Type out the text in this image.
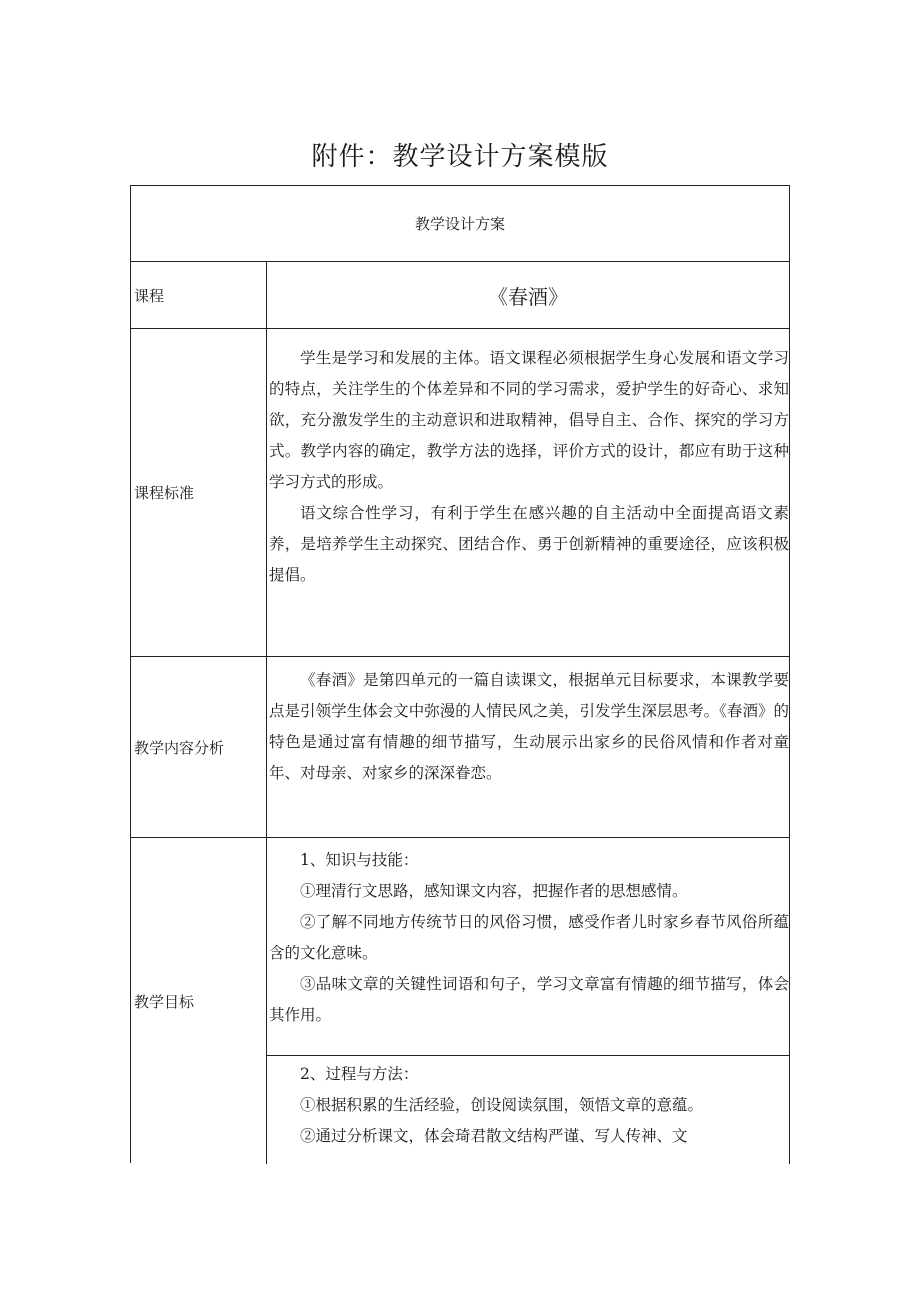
附件：教学设计方案模版
教学设计方案
课程	《春酒》
课程标准

学生是学习和发展的主体。语文课程必须根据学生身心发展和语文学习的特点，关注学生的个体差异和不同的学习需求，爱护学生的好奇心、求知欲，充分激发学生的主动意识和进取精神，倡导自主、合作、探究的学习方式。教学内容的确定，教学方法的选择，评价方式的设计，都应有助于这种学习方式的形成。

语文综合性学习，有利于学生在感兴趣的自主活动中全面提高语文素养，是培养学生主动探究、团结合作、勇于创新精神的重要途径，应该积极提倡。

教学内容分析

《春酒》是第四单元的一篇自读课文，根据单元目标要求，本课教学要点是引领学生体会文中弥漫的人情民风之美，引发学生深层思考。《春酒》的特色是通过富有情趣的细节描写，生动展示出家乡的民俗风情和作者对童年、对母亲、对家乡的深深眷恋。

教学目标

1、知识与技能：

①理清行文思路，感知课文内容，把握作者的思想感情。

②了解不同地方传统节日的风俗习惯，感受作者儿时家乡春节风俗所蕴含的文化意味。

③品味文章的关键性词语和句子，学习文章富有情趣的细节描写，体会其作用。

2、过程与方法：

①根据积累的生活经验，创设阅读氛围，领悟文章的意蕴。

②通过分析课文，体会琦君散文结构严谨、写人传神、文
